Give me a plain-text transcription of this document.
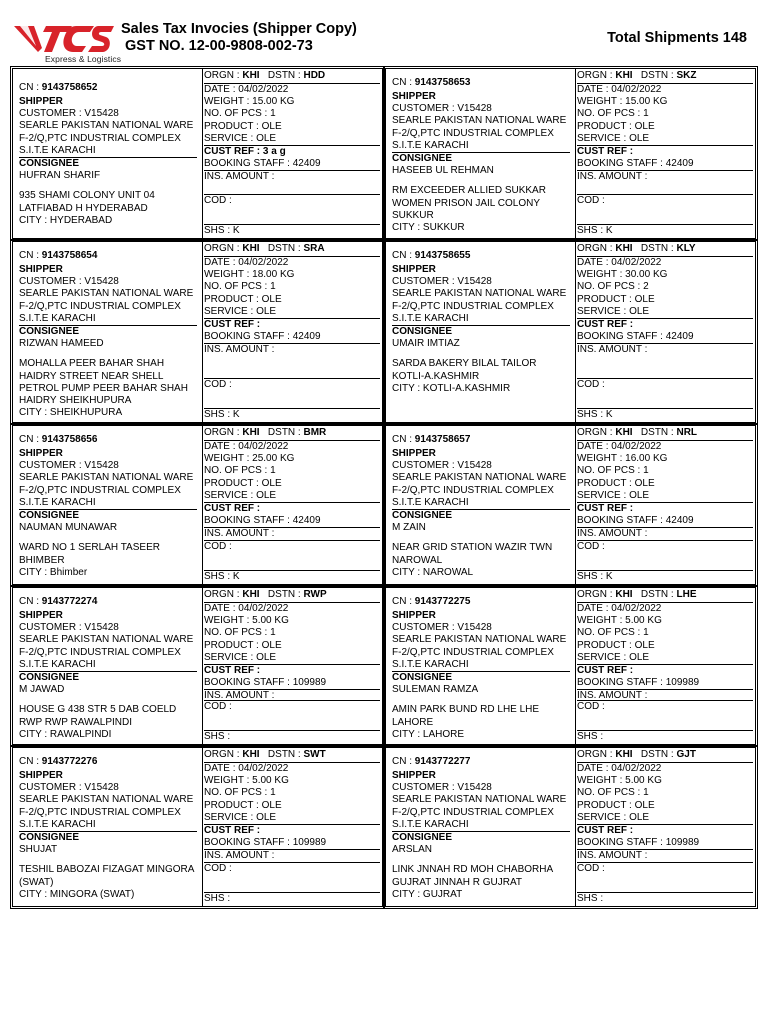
Express & Logistics
Sales Tax Invocies (Shipper Copy)
GST NO. 12-00-9808-002-73	Total Shipments 148
CN : 9143758652
SHIPPER
CUSTOMER : V15428
SEARLE PAKISTAN NATIONAL WARE
F-2/Q,PTC INDUSTRIAL COMPLEX
S.I.T.E KARACHI
CONSIGNEE
HUFRAN SHARIF
935 SHAMI COLONY UNIT 04 LATFIABAD H HYDERABAD
CITY : HYDERABAD
ORGN : KHI DSTN : HDD
DATE : 04/02/2022
WEIGHT : 15.00 KG
NO. OF PCS : 1
PRODUCT : OLE
SERVICE : OLE
CUST REF : 3 a g
BOOKING STAFF : 42409
INS. AMOUNT :
COD :
SHS : K
CN : 9143758653
SHIPPER
CUSTOMER : V15428
SEARLE PAKISTAN NATIONAL WARE
F-2/Q,PTC INDUSTRIAL COMPLEX
S.I.T.E KARACHI
CONSIGNEE
HASEEB UL REHMAN
RM EXCEEDER ALLIED SUKKAR WOMEN PRISON JAIL COLONY SUKKUR
CITY : SUKKUR
ORGN : KHI DSTN : SKZ
DATE : 04/02/2022
WEIGHT : 15.00 KG
NO. OF PCS : 1
PRODUCT : OLE
SERVICE : OLE
CUST REF :
BOOKING STAFF : 42409
INS. AMOUNT :
COD :
SHS : K
CN : 9143758654
SHIPPER
CUSTOMER : V15428
SEARLE PAKISTAN NATIONAL WARE
F-2/Q,PTC INDUSTRIAL COMPLEX
S.I.T.E KARACHI
CONSIGNEE
RIZWAN HAMEED
MOHALLA PEER BAHAR SHAH HAIDRY STREET NEAR SHELL PETROL PUMP PEER BAHAR SHAH HAIDRY SHEIKHUPURA
CITY : SHEIKHUPURA
ORGN : KHI DSTN : SRA
DATE : 04/02/2022
WEIGHT : 18.00 KG
NO. OF PCS : 1
PRODUCT : OLE
SERVICE : OLE
CUST REF :
BOOKING STAFF : 42409
INS. AMOUNT :
COD :
SHS : K
CN : 9143758655
SHIPPER
CUSTOMER : V15428
SEARLE PAKISTAN NATIONAL WARE
F-2/Q,PTC INDUSTRIAL COMPLEX
S.I.T.E KARACHI
CONSIGNEE
UMAIR IMTIAZ
SARDA BAKERY BILAL TAILOR KOTLI-A.KASHMIR
CITY : KOTLI-A.KASHMIR
ORGN : KHI DSTN : KLY
DATE : 04/02/2022
WEIGHT : 30.00 KG
NO. OF PCS : 2
PRODUCT : OLE
SERVICE : OLE
CUST REF :
BOOKING STAFF : 42409
INS. AMOUNT :
COD :
SHS : K
CN : 9143758656
SHIPPER
CUSTOMER : V15428
SEARLE PAKISTAN NATIONAL WARE
F-2/Q,PTC INDUSTRIAL COMPLEX
S.I.T.E KARACHI
CONSIGNEE
NAUMAN MUNAWAR
WARD NO 1 SERLAH TASEER BHIMBER
CITY : Bhimber
ORGN : KHI DSTN : BMR
DATE : 04/02/2022
WEIGHT : 25.00 KG
NO. OF PCS : 1
PRODUCT : OLE
SERVICE : OLE
CUST REF :
BOOKING STAFF : 42409
INS. AMOUNT :
COD :
SHS : K
CN : 9143758657
SHIPPER
CUSTOMER : V15428
SEARLE PAKISTAN NATIONAL WARE
F-2/Q,PTC INDUSTRIAL COMPLEX
S.I.T.E KARACHI
CONSIGNEE
M ZAIN
NEAR GRID STATION WAZIR TWN NAROWAL
CITY : NAROWAL
ORGN : KHI DSTN : NRL
DATE : 04/02/2022
WEIGHT : 16.00 KG
NO. OF PCS : 1
PRODUCT : OLE
SERVICE : OLE
CUST REF :
BOOKING STAFF : 42409
INS. AMOUNT :
COD :
SHS : K
CN : 9143772274
SHIPPER
CUSTOMER : V15428
SEARLE PAKISTAN NATIONAL WARE
F-2/Q,PTC INDUSTRIAL COMPLEX
S.I.T.E KARACHI
CONSIGNEE
M JAWAD
HOUSE G 438 STR 5 DAB COELD RWP RWP RAWALPINDI
CITY : RAWALPINDI
ORGN : KHI DSTN : RWP
DATE : 04/02/2022
WEIGHT : 5.00 KG
NO. OF PCS : 1
PRODUCT : OLE
SERVICE : OLE
CUST REF :
BOOKING STAFF : 109989
INS. AMOUNT :
COD :
SHS :
CN : 9143772275
SHIPPER
CUSTOMER : V15428
SEARLE PAKISTAN NATIONAL WARE
F-2/Q,PTC INDUSTRIAL COMPLEX
S.I.T.E KARACHI
CONSIGNEE
SULEMAN RAMZA
AMIN PARK BUND RD LHE LHE LAHORE
CITY : LAHORE
ORGN : KHI DSTN : LHE
DATE : 04/02/2022
WEIGHT : 5.00 KG
NO. OF PCS : 1
PRODUCT : OLE
SERVICE : OLE
CUST REF :
BOOKING STAFF : 109989
INS. AMOUNT :
COD :
SHS :
CN : 9143772276
SHIPPER
CUSTOMER : V15428
SEARLE PAKISTAN NATIONAL WARE
F-2/Q,PTC INDUSTRIAL COMPLEX
S.I.T.E KARACHI
CONSIGNEE
SHUJAT
TESHIL BABOZAI FIZAGAT MINGORA (SWAT)
CITY : MINGORA (SWAT)
ORGN : KHI DSTN : SWT
DATE : 04/02/2022
WEIGHT : 5.00 KG
NO. OF PCS : 1
PRODUCT : OLE
SERVICE : OLE
CUST REF :
BOOKING STAFF : 109989
INS. AMOUNT :
COD :
SHS :
CN : 9143772277
SHIPPER
CUSTOMER : V15428
SEARLE PAKISTAN NATIONAL WARE
F-2/Q,PTC INDUSTRIAL COMPLEX
S.I.T.E KARACHI
CONSIGNEE
ARSLAN
LINK JNNAH RD MOH CHABORHA GUJRAT JINNAH R GUJRAT
CITY : GUJRAT
ORGN : KHI DSTN : GJT
DATE : 04/02/2022
WEIGHT : 5.00 KG
NO. OF PCS : 1
PRODUCT : OLE
SERVICE : OLE
CUST REF :
BOOKING STAFF : 109989
INS. AMOUNT :
COD :
SHS :
